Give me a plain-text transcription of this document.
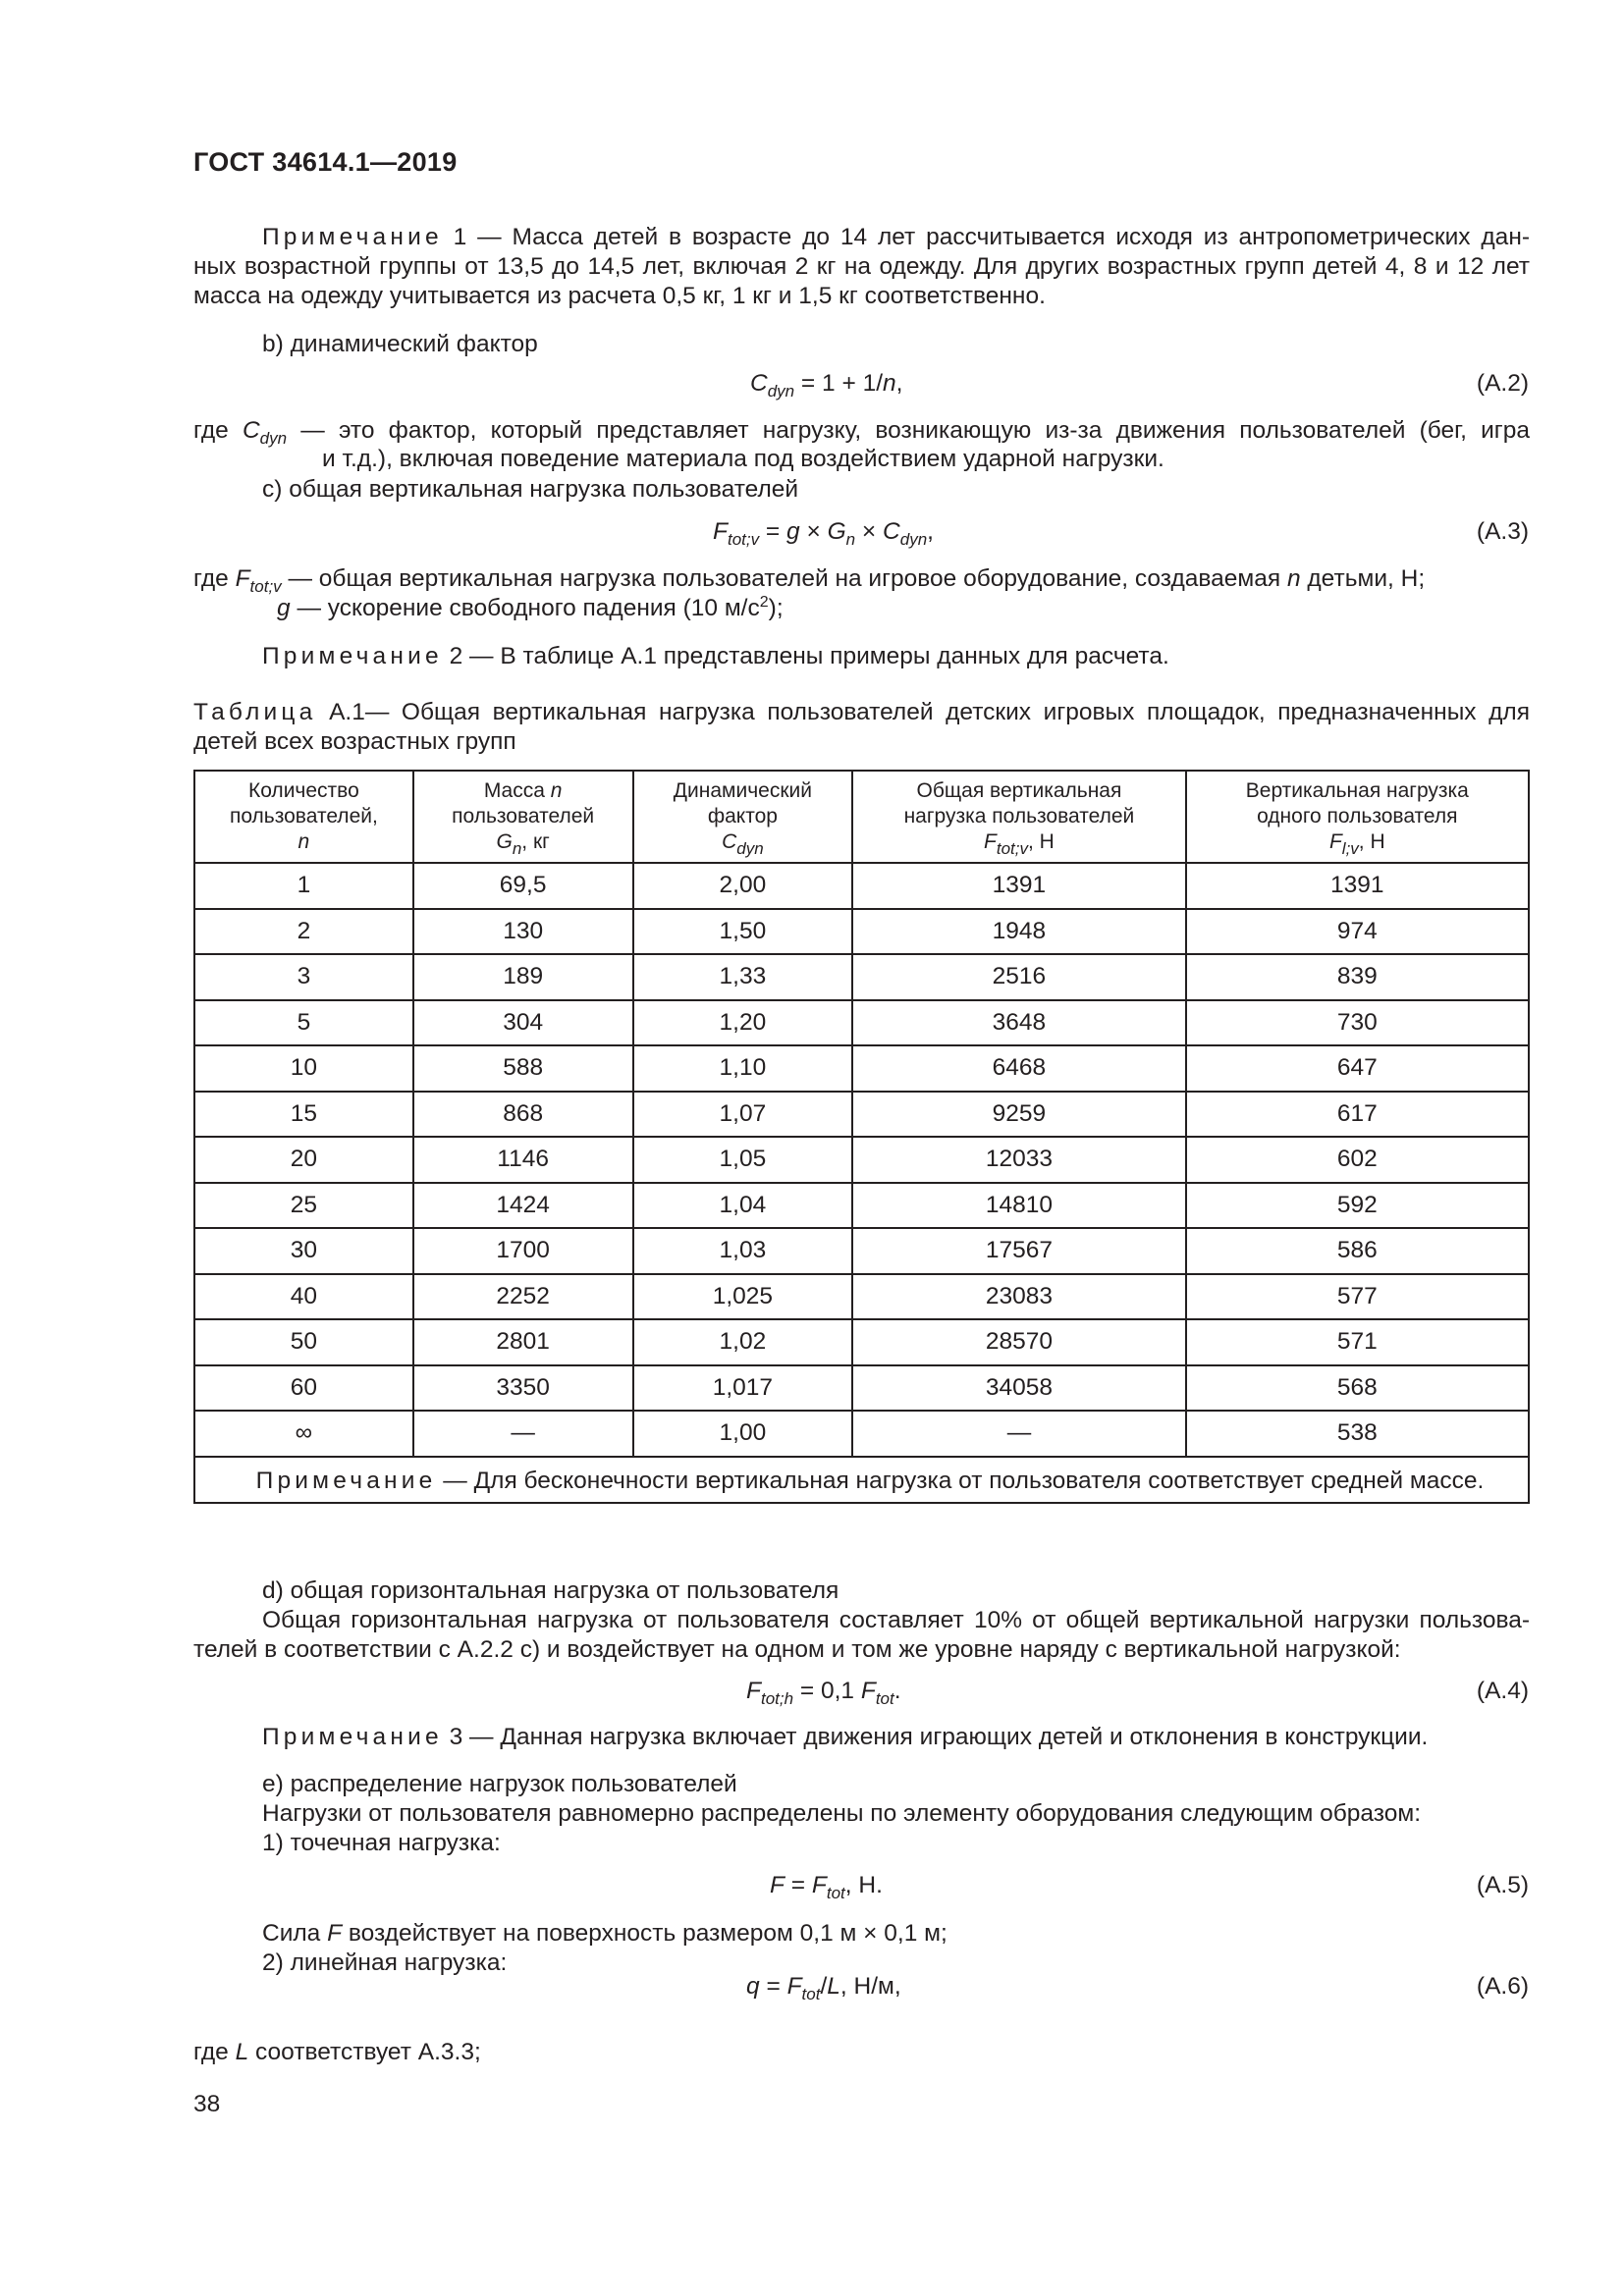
ГОСТ 34614.1—2019
Примечание 1 — Масса детей в возрасте до 14 лет рассчитывается исходя из антропометрических дан-
ных возрастной группы от 13,5 до 14,5 лет, включая 2 кг на одежду. Для других возрастных групп детей 4, 8 и 12 лет
масса на одежду учитывается из расчета 0,5 кг, 1 кг и 1,5 кг соответственно.
b) динамический фактор
$C_{dyn} = 1 + 1/n$,	(А.2)
где $C_{dyn}$ — это фактор, который представляет нагрузку, возникающую из-за движения пользователей (бег, игра
и т.д.), включая поведение материала под воздействием ударной нагрузки.
c) общая вертикальная нагрузка пользователей
$F_{tot;v} = g \times G_n \times C_{dyn}$,	(А.3)
где $F_{tot;v}$ — общая вертикальная нагрузка пользователей на игровое оборудование, создаваемая n детьми, Н;
g — ускорение свободного падения (10 $м/с^2$);
Примечание 2 — В таблице А.1 представлены примеры данных для расчета.
Таблица А.1— Общая вертикальная нагрузка пользователей детских игровых площадок, предназначенных для
детей всех возрастных групп
Количество
пользователей,
n	Масса n
пользователей
$G_n$, кг	Динамический
фактор
$C_{dyn}$	Общая вертикальная
нагрузка пользователей
$F_{tot;v}$, Н	Вертикальная нагрузка
одного пользователя
$F_{l;v}$, Н
1	69,5	2,00	1391	1391
2	130	1,50	1948	974
3	189	1,33	2516	839
5	304	1,20	3648	730
10	588	1,10	6468	647
15	868	1,07	9259	617
20	1146	1,05	12033	602
25	1424	1,04	14810	592
30	1700	1,03	17567	586
40	2252	1,025	23083	577
50	2801	1,02	28570	571
60	3350	1,017	34058	568
∞	—	1,00	—	538
Примечание — Для бесконечности вертикальная нагрузка от пользователя соответствует средней массе.				
d) общая горизонтальная нагрузка от пользователя
Общая горизонтальная нагрузка от пользователя составляет 10% от общей вертикальной нагрузки пользова-
телей в соответствии с А.2.2 c) и воздействует на одном и том же уровне наряду с вертикальной нагрузкой:
$F_{tot;h} = 0,1$ $F_{tot}$.	(А.4)
Примечание 3 — Данная нагрузка включает движения играющих детей и отклонения в конструкции.
e) распределение нагрузок пользователей
Нагрузки от пользователя равномерно распределены по элементу оборудования следующим образом:
1) точечная нагрузка:
$F = F_{tot}$, Н.	(А.5)
Сила F воздействует на поверхность размером 0,1 м × 0,1 м;
2) линейная нагрузка:
$q = F_{tot}/L$, Н/м,	(А.6)
где L соответствует А.3.3;
38
